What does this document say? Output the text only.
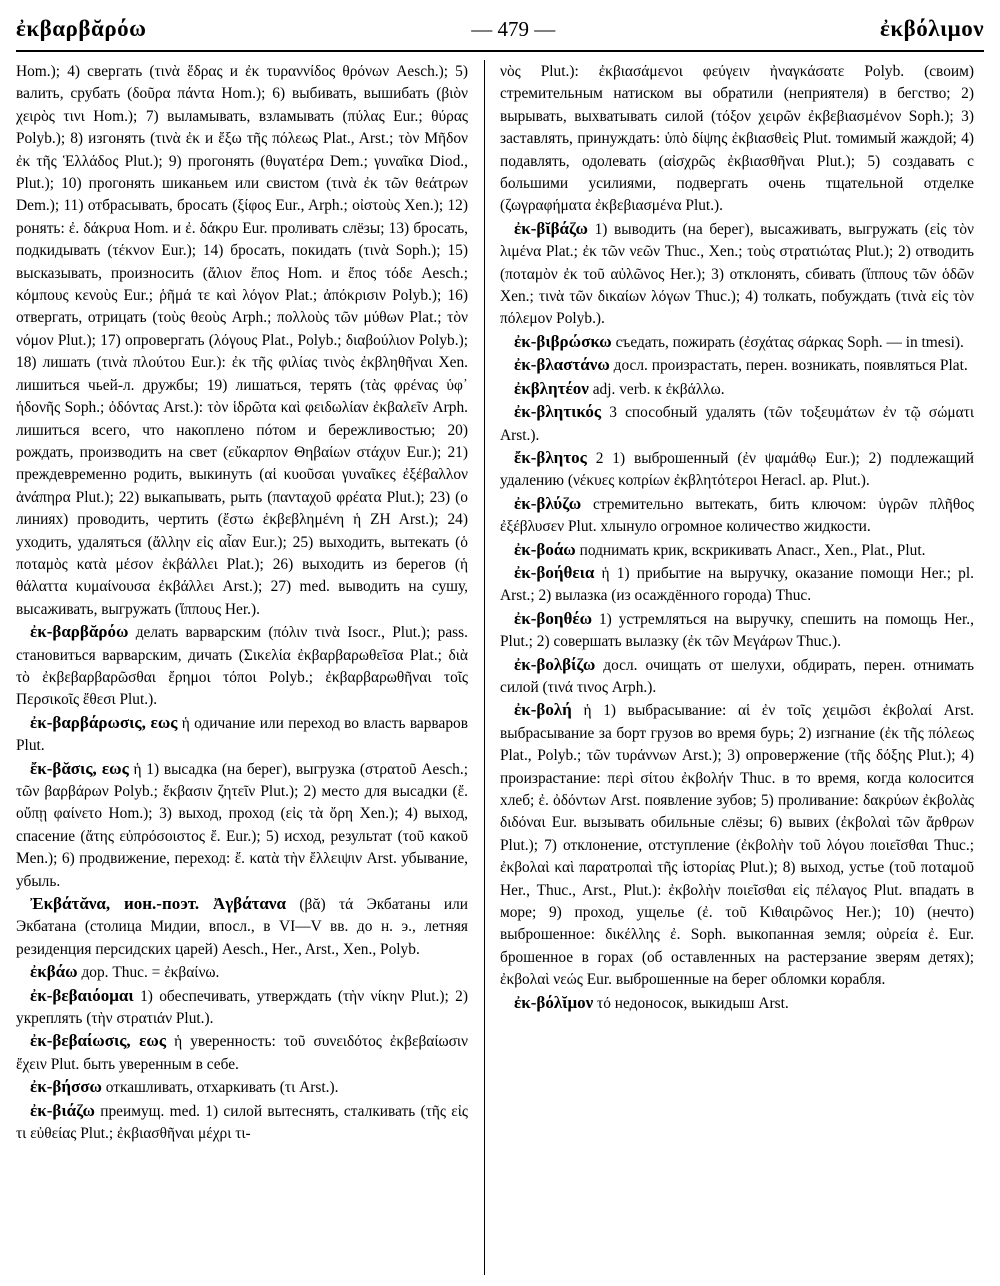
ἐκβαρβᾰρόω	— 479 —	ἐκβόλιμον

Hom.); 4) свергать (τινὰ ἕδρας и ἐκ τυραννίδος θρόνων Aesch.); 5) валить, срубать (δοῦρα πάντα Hom.); 6) выбивать, вышибать (βιὸν χειρὸς τινι Hom.); 7) выламывать, взламывать (πύλας Eur.; θύρας Polyb.); 8) изгонять (τινὰ ἐκ и ἔξω τῆς πόλεως Plat., Arst.; τὸν Μῆδον ἐκ τῆς Ἑλλάδος Plut.); 9) прогонять (θυγατέρα Dem.; γυναῖκα Diod., Plut.); 10) прогонять шиканьем или свистом (τινὰ ἐκ τῶν θεάτρων Dem.); 11) отбрасывать, бросать (ξίφος Eur., Arph.; οἰστοὺς Xen.); 12) ронять: ἐ. δάκρυα Hom. и ἐ. δάκρυ Eur. проливать слёзы; 13) бросать, подкидывать (τέκνον Eur.); 14) бросать, покидать (τινὰ Soph.); 15) высказывать, произносить (ἄλιον ἔπος Hom. и ἔπος τόδε Aesch.; κόμπους κενοὺς Eur.; ῥῆμά τε καὶ λόγον Plat.; ἀπόκρισιν Polyb.); 16) отвергать, отрицать (τοὺς θεοὺς Arph.; πολλοὺς τῶν μύθων Plat.; τὸν νόμον Plut.); 17) опровергать (λόγους Plat., Polyb.; διαβούλιον Polyb.); 18) лишать (τινὰ πλούτου Eur.): ἐκ τῆς φιλίας τινὸς ἐκβληθῆναι Xen. лишиться чьей-л. дружбы; 19) лишаться, терять (τὰς φρένας ὑφ᾽ ἡδονῆς Soph.; ὀδόντας Arst.): τὸν ἱδρῶτα καὶ φειδωλίαν ἐκβαλεῖν Arph. лишиться всего, что накоплено пóтом и бережливостью; 20) рождать, производить на свет (εὔκαρπον Θηβαίων στάχυν Eur.); 21) преждевременно родить, выкинуть (αἱ κυοῦσαι γυναῖκες ἐξέβαλλον ἀνάπηρα Plut.); 22) выкапывать, рыть (πανταχοῦ φρέατα Plut.); 23) (о линиях) проводить, чертить (ἔστω ἐκβεβλημένη ἡ ZH Arst.); 24) уходить, удаляться (ἄλλην εἰς αἶαν Eur.); 25) выходить, вытекать (ὁ ποταμὸς κατὰ μέσον ἐκβάλλει Plat.); 26) выходить из берегов (ἡ θάλαττα κυμαίνουσα ἐκβάλλει Arst.); 27) med. выводить на сушу, высаживать, выгружать (ἵππους Her.).

ἐκ-βαρβᾰρόω делать варварским (πόλιν τινὰ Isocr., Plut.); pass. становиться варварским, дичать (Σικελία ἐκβαρβαρωθεῖσα Plat.; διὰ τὸ ἐκβεβαρβαρῶσθαι ἔρημοι τόποι Polyb.; ἐκβαρβαρωθῆναι τοῖς Περσικοῖς ἔθεσι Plut.).

ἐκ-βαρβάρωσις, εως ἡ одичание или переход во власть варваров Plut.

ἔκ-βᾰσις, εως ἡ 1) высадка (на берег), выгрузка (στρατοῦ Aesch.; τῶν βαρβάρων Polyb.; ἔκβασιν ζητεῖν Plut.); 2) место для высадки (ἔ. οὔπῃ φαίνετο Hom.); 3) выход, проход (εἰς τὰ ὄρη Xen.); 4) выход, спасение (ἄτης εὐπρόσοιστος ἔ. Eur.); 5) исход, результат (τοῦ κακοῦ Men.); 6) продвижение, переход: ἔ. κατὰ τὴν ἔλλειψιν Arst. убывание, убыль.

Ἐκβάτᾰνα, ион.-поэт. Ἀγβάτανα (βᾰ) τά Экбатаны или Экбатана (столица Мидии, впосл., в VI—V вв. до н. э., летняя резиденция персидских царей) Aesch., Her., Arst., Xen., Polyb.

ἐκβάω дор. Thuc. = ἐκβαίνω.

ἐκ-βεβαιόομαι 1) обеспечивать, утверждать (τὴν νίκην Plut.); 2) укреплять (τὴν στρατιάν Plut.).

ἐκ-βεβαίωσις, εως ἡ уверенность: τοῦ συνειδότος ἐκβεβαίωσιν ἔχειν Plut. быть уверенным в себе.

ἐκ-βήσσω откашливать, отхаркивать (τι Arst.).

ἐκ-βιάζω преимущ. med. 1) силой вытеснять, сталкивать (τῆς εἰς τι εὐθείας Plut.; ἐκβιασθῆναι μέχρι τι-

νὸς Plut.): ἐκβιασάμενοι φεύγειν ἠναγκάσατε Polyb. (своим) стремительным натиском вы обратили (неприятеля) в бегство; 2) вырывать, выхватывать силой (τόξον χειρῶν ἐκβεβιασμένον Soph.); 3) заставлять, принуждать: ὑπὸ δίψης ἐκβιασθεὶς Plut. томимый жаждой; 4) подавлять, одолевать (αἰσχρῶς ἐκβιασθῆναι Plut.); 5) создавать с большими усилиями, подвергать очень тщательной отделке (ζωγραφήματα ἐκβεβιασμένα Plut.).

ἐκ-βῐβάζω 1) выводить (на берег), высаживать, выгружать (εἰς τὸν λιμένα Plat.; ἐκ τῶν νεῶν Thuc., Xen.; τοὺς στρατιώτας Plut.); 2) отводить (ποταμὸν ἐκ τοῦ αὐλῶνος Her.); 3) отклонять, сбивать (ἵππους τῶν ὁδῶν Xen.; τινὰ τῶν δικαίων λόγων Thuc.); 4) толкать, побуждать (τινὰ εἰς τὸν πόλεμον Polyb.).

ἐκ-βιβρώσκω съедать, пожирать (ἐσχάτας σάρκας Soph. — in tmesi).

ἐκ-βλαστάνω досл. произрастать, перен. возникать, появляться Plat.

ἐκβλητέον adj. verb. к ἐκβάλλω.

ἐκ-βλητικός 3 способный удалять (τῶν τοξευμάτων ἐν τῷ σώματι Arst.).

ἔκ-βλητος 2 1) выброшенный (ἐν ψαμάθῳ Eur.); 2) подлежащий удалению (νέκυες κοπρίων ἐκβλητότεροι Heracl. ap. Plut.).

ἐκ-βλύζω стремительно вытекать, бить ключом: ὑγρῶν πλῆθος ἐξέβλυσεν Plut. хлынуло огромное количество жидкости.

ἐκ-βοάω поднимать крик, вскрикивать Anacr., Xen., Plat., Plut.

ἐκ-βοήθεια ἡ 1) прибытие на выручку, оказание помощи Her.; pl. Arst.; 2) вылазка (из осаждённого города) Thuc.

ἐκ-βοηθέω 1) устремляться на выручку, спешить на помощь Her., Plut.; 2) совершать вылазку (ἐκ τῶν Μεγάρων Thuc.).

ἐκ-βολβίζω досл. очищать от шелухи, обдирать, перен. отнимать силой (τινά τινος Arph.).

ἐκ-βολή ἡ 1) выбрасывание: αἱ ἐν τοῖς χειμῶσι ἐκβολαί Arst. выбрасывание за борт грузов во время бурь; 2) изгнание (ἐκ τῆς πόλεως Plat., Polyb.; τῶν τυράννων Arst.); 3) опровержение (τῆς δόξης Plut.); 4) произрастание: περὶ σίτου ἐκβολήν Thuc. в то время, когда колосится хлеб; ἐ. ὀδόντων Arst. появление зубов; 5) проливание: δακρύων ἐκβολὰς διδόναι Eur. вызывать обильные слёзы; 6) вывих (ἐκβολαὶ τῶν ἄρθρων Plut.); 7) отклонение, отступление (ἐκβολὴν τοῦ λόγου ποιεῖσθαι Thuc.; ἐκβολαὶ καὶ παρατροπαὶ τῆς ἱστορίας Plut.); 8) выход, устье (τοῦ ποταμοῦ Her., Thuc., Arst., Plut.): ἐκβολὴν ποιεῖσθαι εἰς πέλαγος Plut. впадать в море; 9) проход, ущелье (ἐ. τοῦ Κιθαιρῶνος Her.); 10) (нечто) выброшенное: δικέλλης ἐ. Soph. выкопанная земля; οὐρεία ἐ. Eur. брошенное в горах (об оставленных на растерзание зверям детях); ἐκβολαὶ νεώς Eur. выброшенные на берег обломки корабля.

ἐκ-βόλῐμον τό недоносок, выкидыш Arst.
